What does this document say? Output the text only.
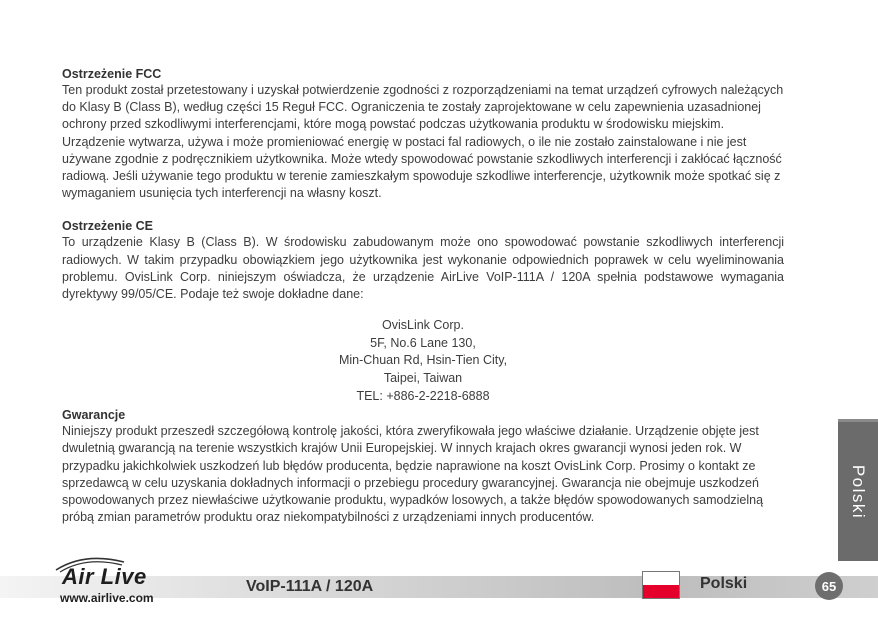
Ostrzeżenie FCC
Ten produkt został przetestowany i uzyskał potwierdzenie zgodności z rozporządzeniami na temat urządzeń cyfrowych należących do Klasy B (Class B), według części 15 Reguł FCC. Ograniczenia te zostały zaprojektowane w celu zapewnienia uzasadnionej ochrony przed szkodliwymi interferencjami, które mogą powstać podczas użytkowania produktu w środowisku miejskim. Urządzenie wytwarza, używa i może promieniować energię w postaci fal radiowych, o ile nie zostało zainstalowane i nie jest używane zgodnie z podręcznikiem użytkownika. Może wtedy spowodować powstanie szkodliwych interferencji i zakłócać łączność radiową. Jeśli używanie tego produktu w terenie zamieszkałym spowoduje szkodliwe interferencje, użytkownik może spotkać się z wymaganiem usunięcia tych interferencji na własny koszt.
Ostrzeżenie CE
To urządzenie Klasy B (Class B). W środowisku zabudowanym może ono spowodować powstanie szkodliwych interferencji radiowych. W takim przypadku obowiązkiem jego użytkownika jest wykonanie odpowiednich poprawek w celu wyeliminowania problemu. OvisLink Corp. niniejszym oświadcza, że urządzenie AirLive VoIP-111A / 120A spełnia podstawowe wymagania dyrektywy 99/05/CE. Podaje też swoje dokładne dane:
OvisLink Corp.
5F, No.6 Lane 130,
Min-Chuan Rd, Hsin-Tien City,
Taipei, Taiwan
TEL: +886-2-2218-6888
Gwarancje
Niniejszy produkt przeszedł szczegółową kontrolę jakości, która zweryfikowała jego właściwe działanie. Urządzenie objęte jest dwuletnią gwarancją na terenie wszystkich krajów Unii Europejskiej. W innych krajach okres gwarancji wynosi jeden rok. W przypadku jakichkolwiek uszkodzeń lub błędów producenta, będzie naprawione na koszt OvisLink Corp. Prosimy o kontakt ze sprzedawcą w celu uzyskania dokładnych informacji o przebiegu procedury gwarancyjnej. Gwarancja nie obejmuje uszkodzeń spowodowanych przez niewłaściwe użytkowanie produktu, wypadków losowych, a także błędów spowodowanych samodzielną próbą zmian parametrów produktu oraz niekompatybilności z urządzeniami innych producentów.	Polski
Air Live
www.airlive.com
VoIP-111A / 120A	Polski	65
